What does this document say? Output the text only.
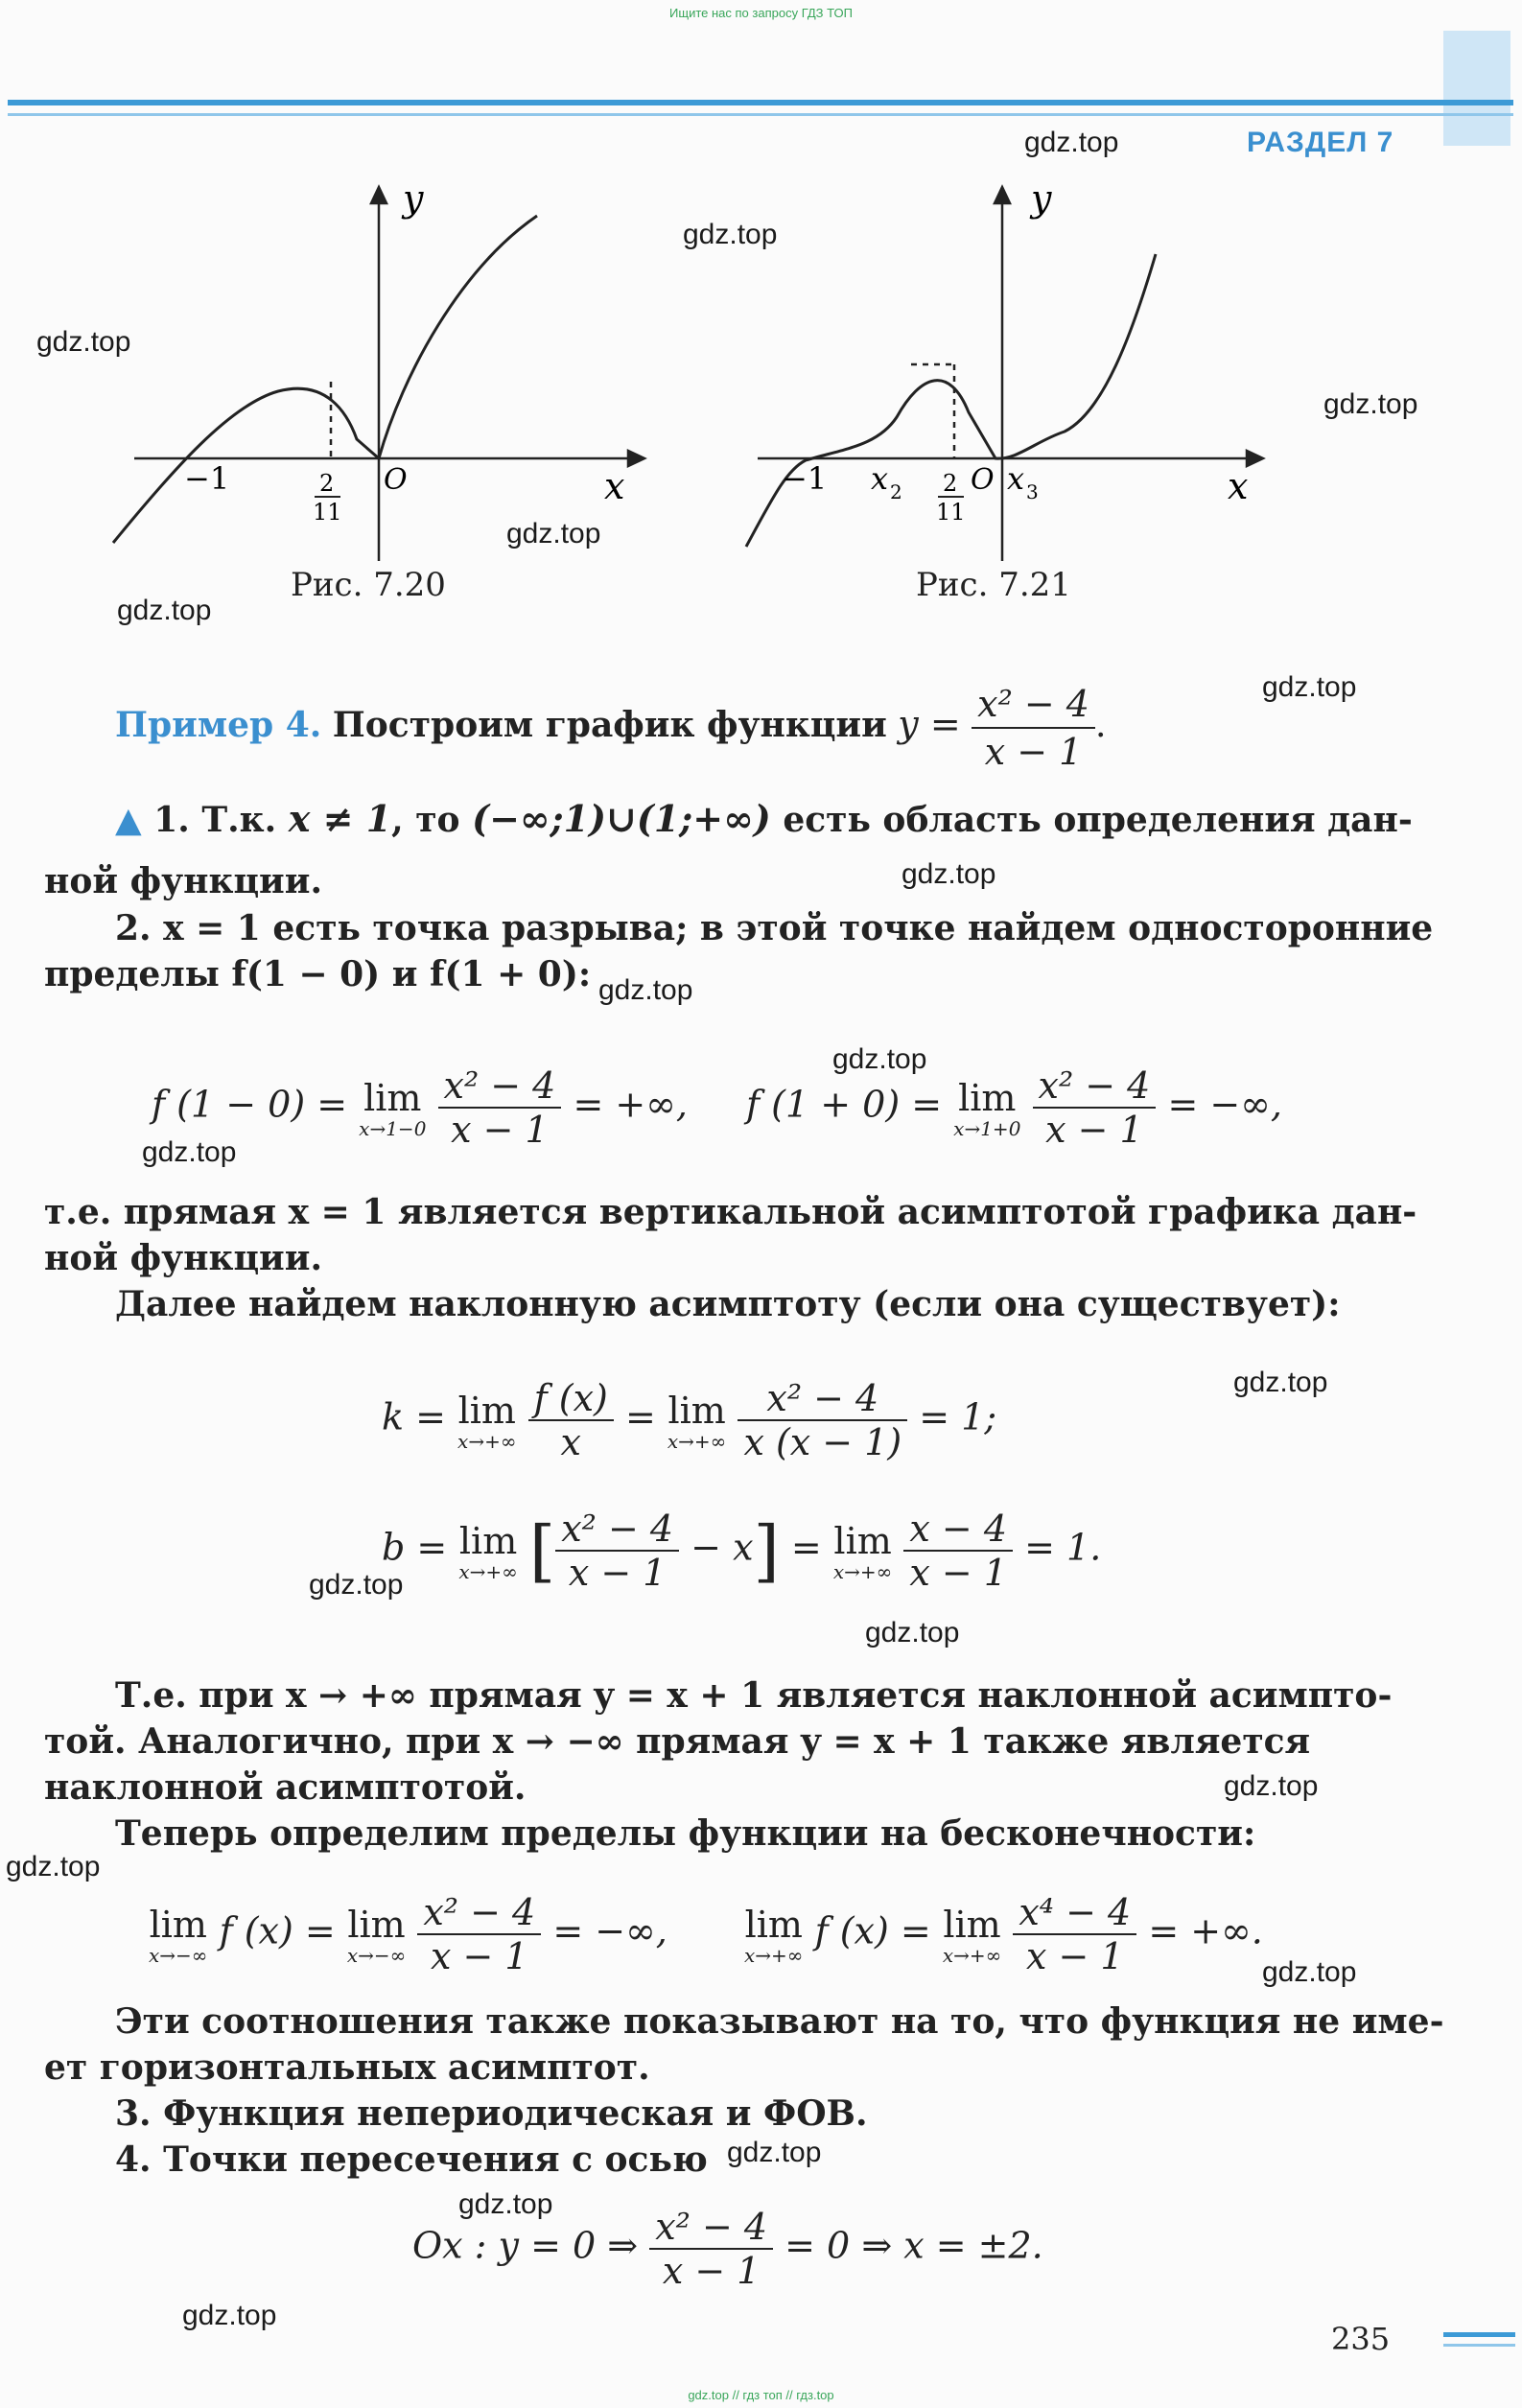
Ищите нас по запросу ГДЗ ТОП
РАЗДЕЛ 7
y
x
−1	2
11
O
Рис. 7.20
y
x
−1 x 2 2
11
O x 3
Рис. 7.21
Пример 4. Построим график функции $y = \frac{\text{x² − 4}}{x - 1}$ .
▲ 1. Т.к. x ≠ 1, то (−∞;1)∪(1;+∞) есть область определения дан-
ной функции.
2. x = 1 есть точка разрыва; в этой точке найдем односторонние
пределы f(1 − 0) и f(1 + 0):
f (1 − 0) = lim
x→1−0
$\frac{\text{x² − 4}}{x - 1}$ = +∞, f (1 + 0) = lim
x→1+0
$\frac{\text{x² − 4}}{x - 1}$ = −∞,
т.е. прямая x = 1 является вертикальной асимптотой графика дан-
ной функции.
Далее найдем наклонную асимптоту (если она существует):
k = lim
x→+∞
$\frac{f (x)}{x} = \lim$
x→+∞
$\frac{\text{x² − 4}}{x (x - 1)} = 1$;
b = lim
x→+∞ [ $\frac{\text{x² − 4}}{x - 1} - x] = \lim$
x→+∞
$\frac{x - 4}{x - 1} = 1$.
Т.е. при x → +∞ прямая y = x + 1 является наклонной асимпто-
той. Аналогично, при x → −∞ прямая y = x + 1 также является
наклонной асимптотой.
Теперь определим пределы функции на бесконечности:
lim
x→−∞
f (x) = lim
x→−∞
$\frac{\text{x² − 4}}{x - 1}$ = −∞, lim
x→+∞
f (x) = lim
x→+∞
$\frac{\text{x⁴ − 4}}{x - 1}$ = +∞.
Эти соотношения также показывают на то, что функция не име-
ет горизонтальных асимптот.
3. Функция непериодическая и ФОВ.
4. Точки пересечения с осью
Ox : y = 0 ⇒ $\frac{\text{x² − 4}}{x - 1} = 0$ ⇒ x = ±2.
235
gdz.top // гдз топ // гдз.top
gdz.top
gdz.top
gdz.top
gdz.top
gdz.top
gdz.top
gdz.top
gdz.top
gdz.top
gdz.top
gdz.top
gdz.top
gdz.top
gdz.top
gdz.top
gdz.top
gdz.top
gdz.top
gdz.top
gdz.top
